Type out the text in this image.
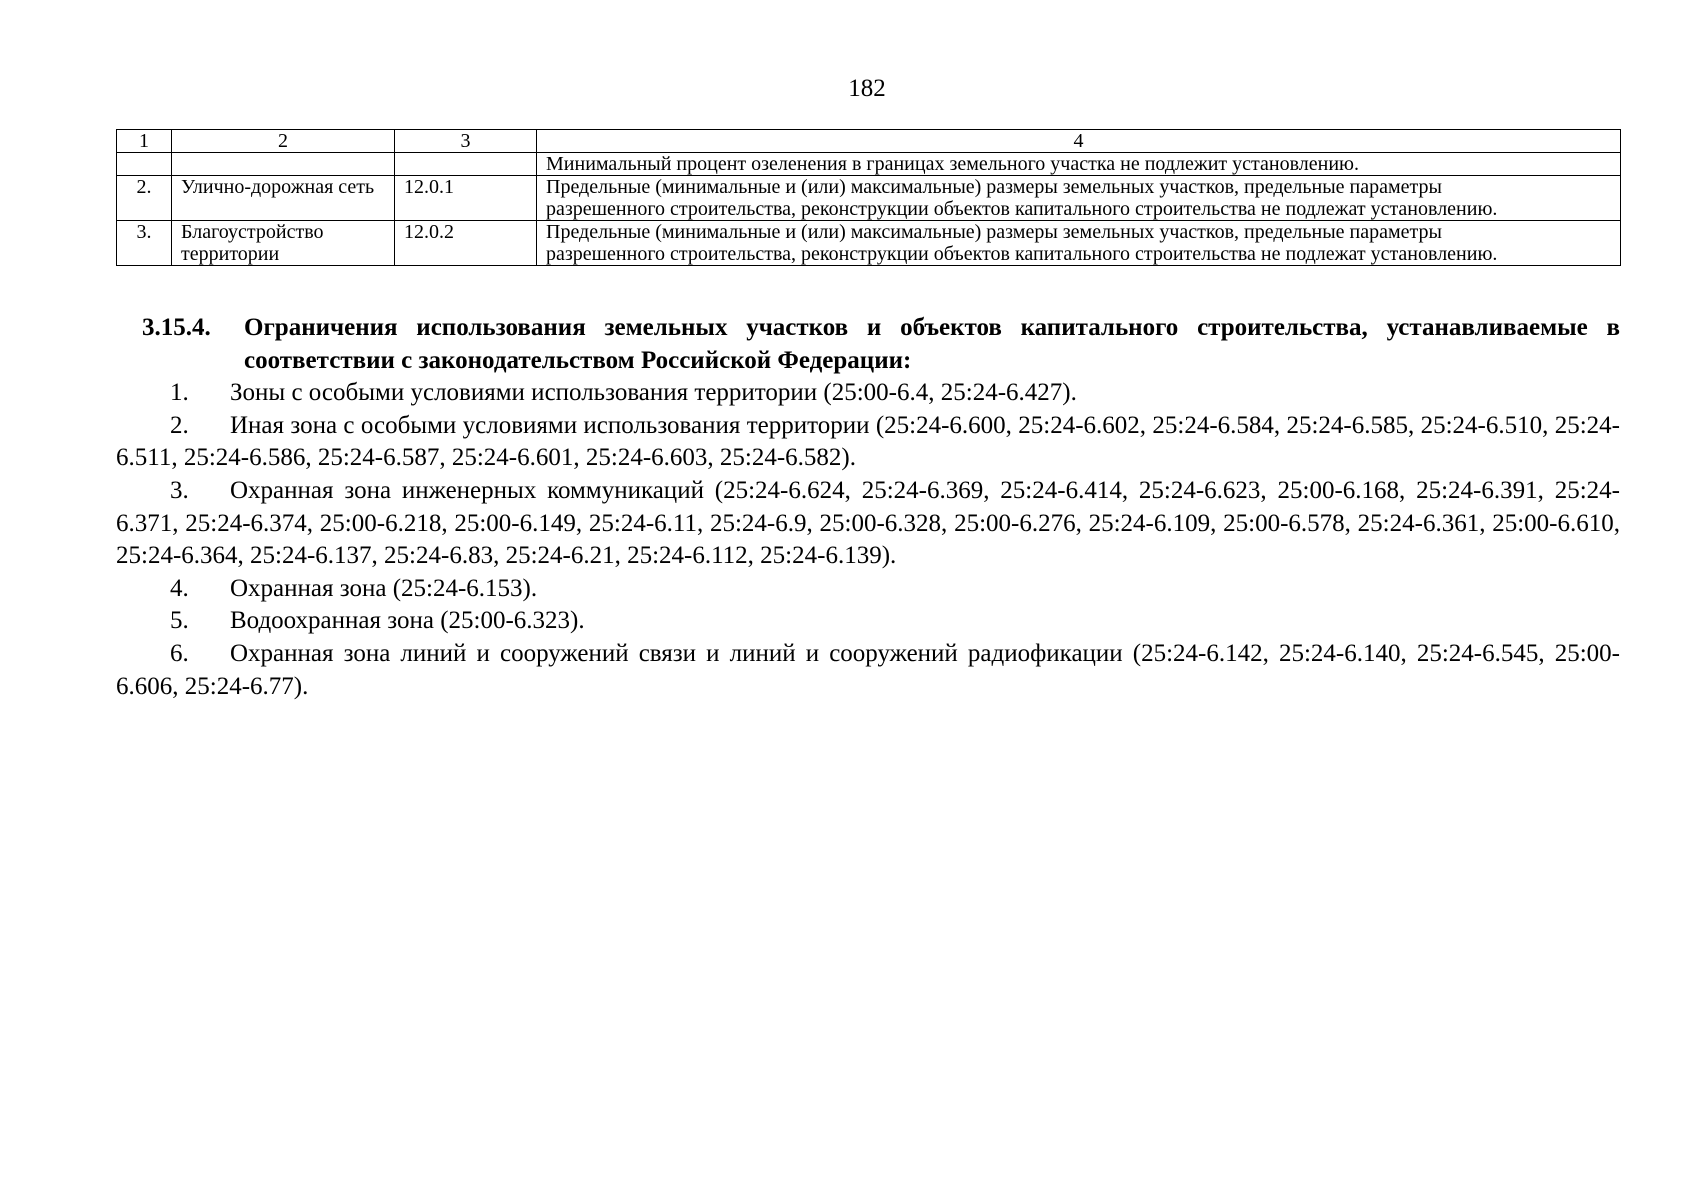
182
1	2	3	4
			Минимальный процент озеленения в границах земельного участка не подлежит установлению.
2.	Улично-дорожная сеть	12.0.1	Предельные (минимальные и (или) максимальные) размеры земельных участков, предельные параметры
разрешенного строительства, реконструкции объектов капитального строительства не подлежат установлению.

3.	Благоустройство территории	12.0.2	Предельные (минимальные и (или) максимальные) размеры земельных участков, предельные параметры
разрешенного строительства, реконструкции объектов капитального строительства не подлежат установлению.
3.15.4. Ограничения использования земельных участков и объектов капитального строительства, устанавливаемые в соответствии с законодательством Российской Федерации:

1. Зоны с особыми условиями использования территории (25:00-6.4, 25:24-6.427).

2. Иная зона с особыми условиями использования территории (25:24-6.600, 25:24-6.602, 25:24-6.584, 25:24-6.585, 25:24-6.510, 25:24-6.511, 25:24-6.586, 25:24-6.587, 25:24-6.601, 25:24-6.603, 25:24-6.582).

3. Охранная зона инженерных коммуникаций (25:24-6.624, 25:24-6.369, 25:24-6.414, 25:24-6.623, 25:00-6.168, 25:24-6.391, 25:24-6.371, 25:24-6.374, 25:00-6.218, 25:00-6.149, 25:24-6.11, 25:24-6.9, 25:00-6.328, 25:00-6.276, 25:24-6.109, 25:00-6.578, 25:24-6.361, 25:00-6.610, 25:24-6.364, 25:24-6.137, 25:24-6.83, 25:24-6.21, 25:24-6.112, 25:24-6.139).

4. Охранная зона (25:24-6.153).

5. Водоохранная зона (25:00-6.323).

6. Охранная зона линий и сооружений связи и линий и сооружений радиофикации (25:24-6.142, 25:24-6.140, 25:24-6.545, 25:00-6.606, 25:24-6.77).
